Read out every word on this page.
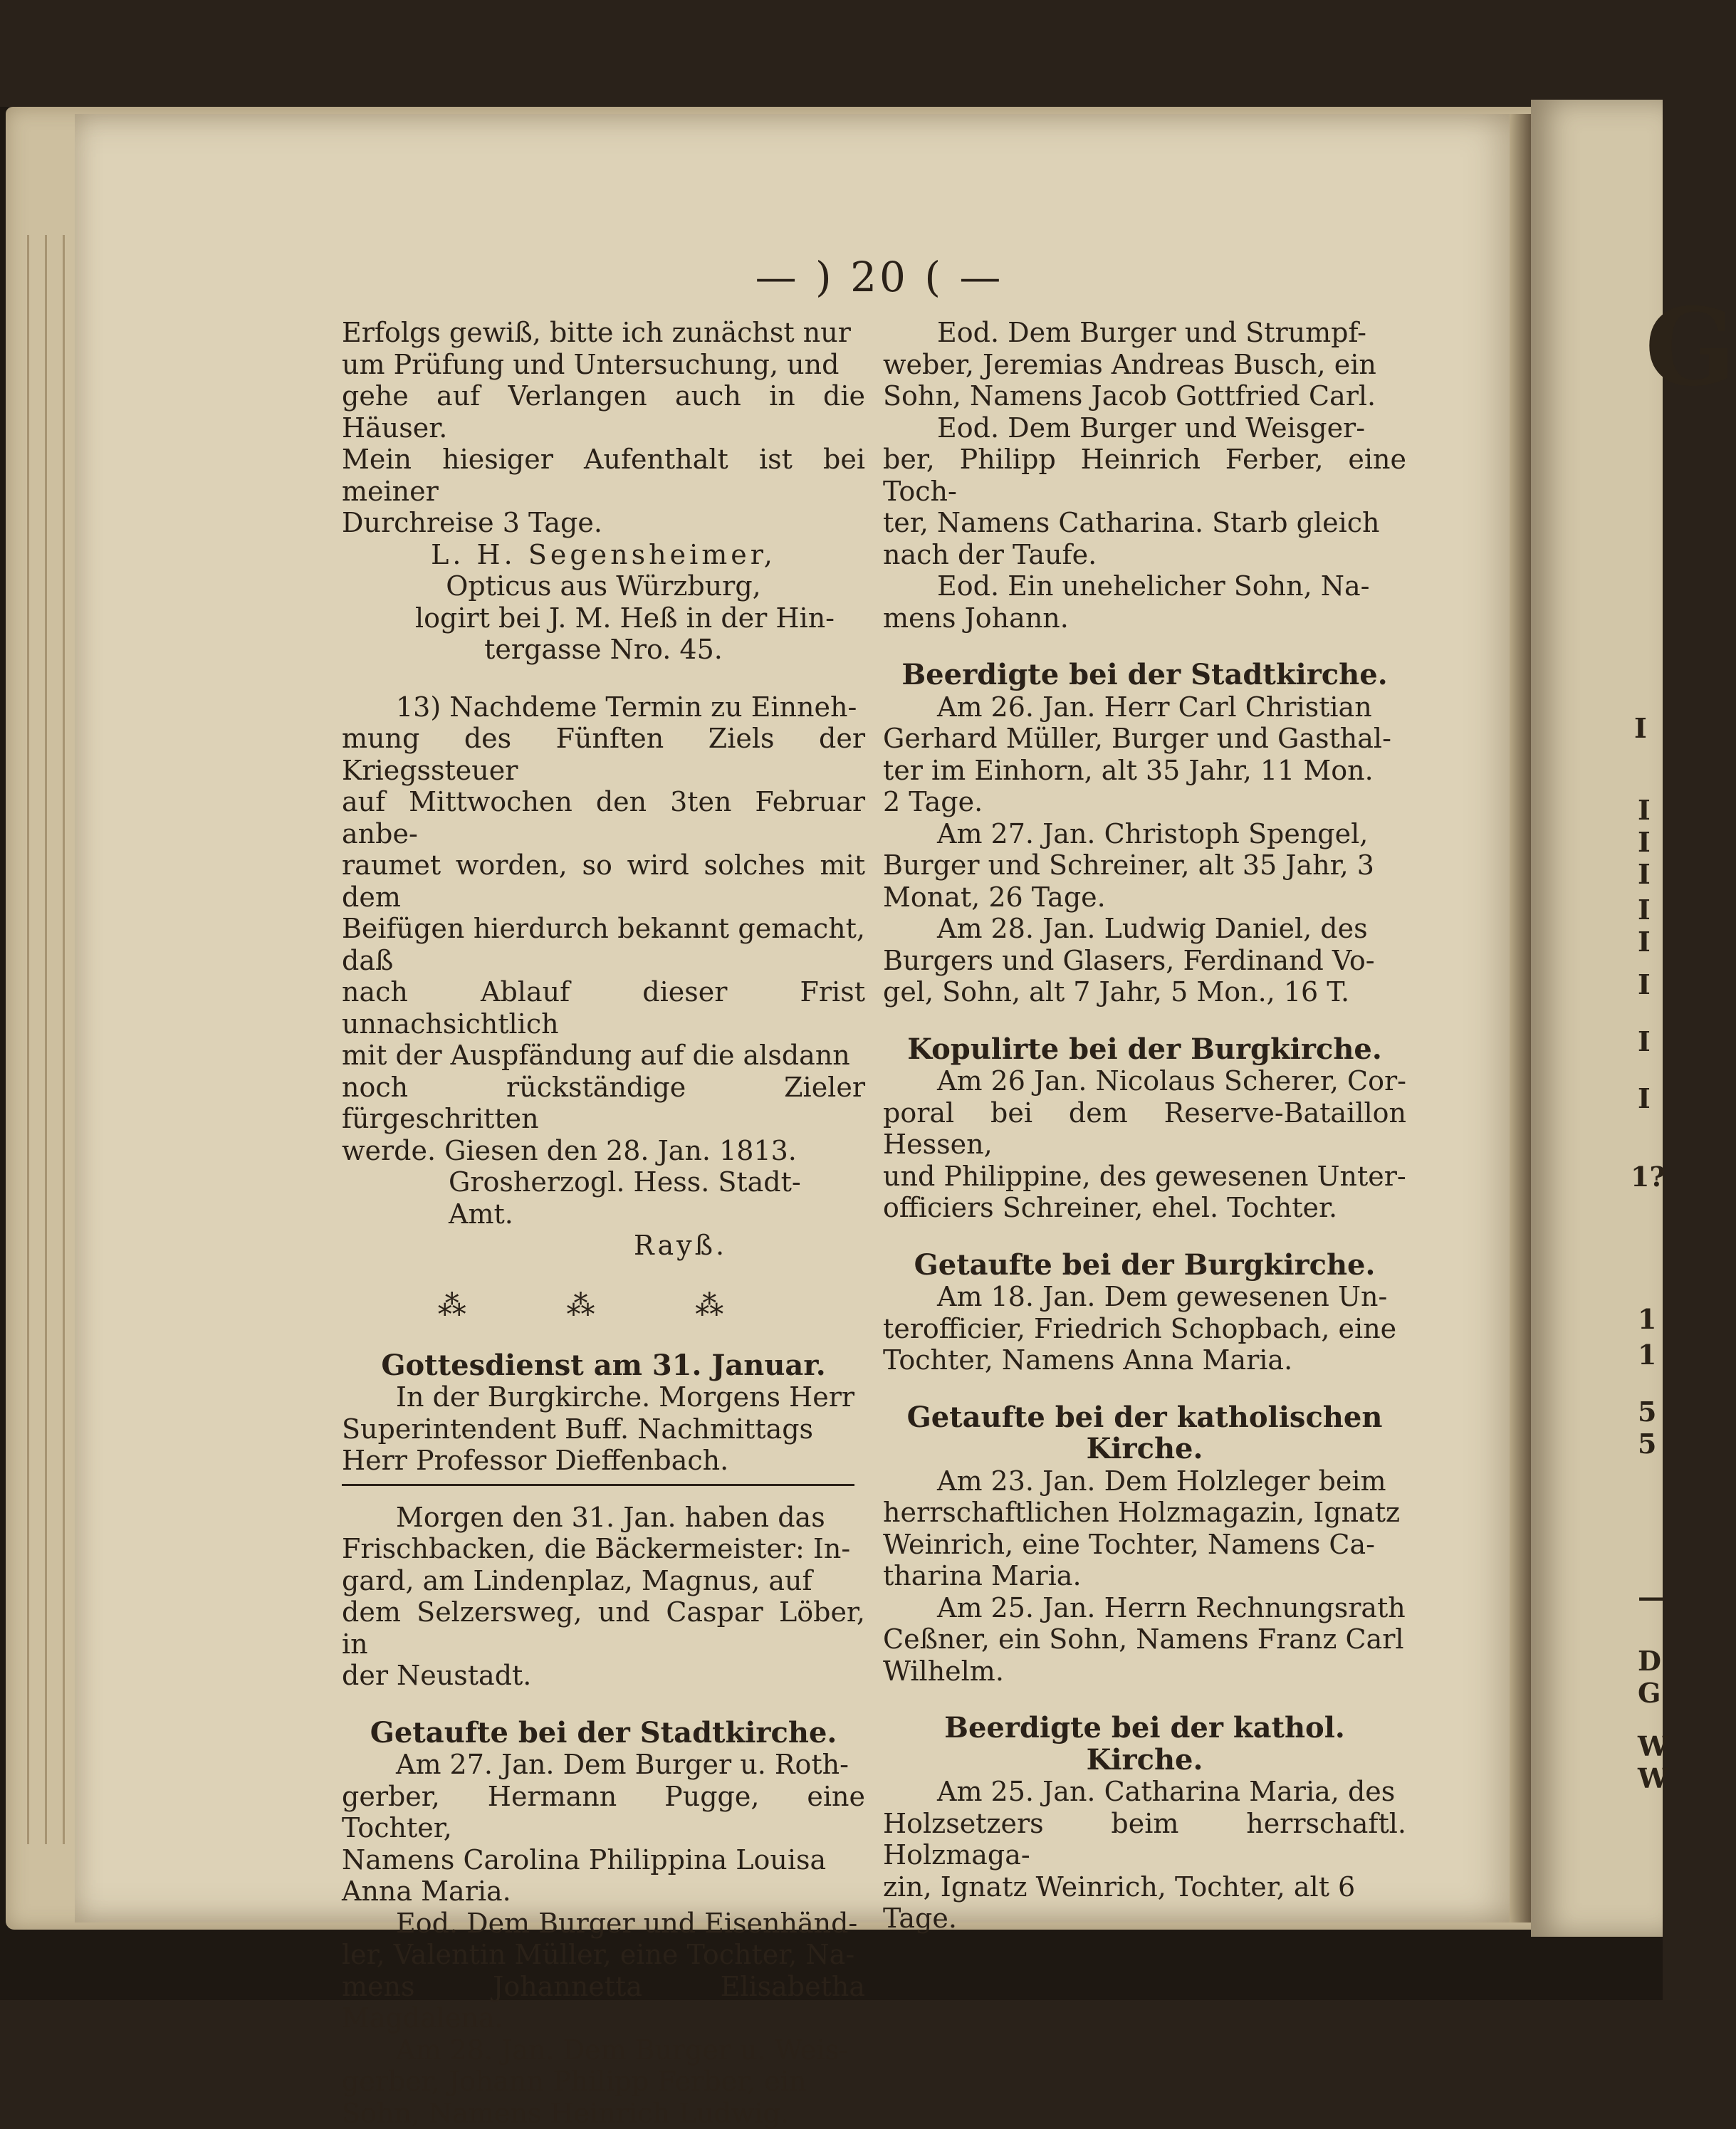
G
I
I
I
I
I
I
I
I
I
1?
1
1
5
5
—
D
G
W
W
— ) 20 ( —

Erfolgs gewiß, bitte ich zunächst nur

um Prüfung und Untersuchung, und

gehe auf Verlangen auch in die Häuser.

Mein hiesiger Aufenthalt ist bei meiner

Durchreise 3 Tage.

L. H. Segensheimer,

Opticus aus Würzburg,

logirt bei J. M. Heß in der Hin-

tergasse Nro. 45.

13) Nachdeme Termin zu Einneh-

mung des Fünften Ziels der Kriegssteuer

auf Mittwochen den 3ten Februar anbe-

raumet worden, so wird solches mit dem

Beifügen hierdurch bekannt gemacht, daß

nach Ablauf dieser Frist unnachsichtlich

mit der Auspfändung auf die alsdann

noch rückständige Zieler fürgeschritten

werde. Giesen den 28. Jan. 1813.

Grosherzogl. Hess. Stadt-Amt.

Rayß.

⁂ ⁂ ⁂

Gottesdienst am 31. Januar.

In der Burgkirche. Morgens Herr

Superintendent Buff. Nachmittags

Herr Professor Dieffenbach.

Morgen den 31. Jan. haben das

Frischbacken, die Bäckermeister: In-

gard, am Lindenplaz, Magnus, auf

dem Selzersweg, und Caspar Löber, in

der Neustadt.

Getaufte bei der Stadtkirche.

Am 27. Jan. Dem Burger u. Roth-

gerber, Hermann Pugge, eine Tochter,

Namens Carolina Philippina Louisa

Anna Maria.

Eod. Dem Burger und Eisenhänd-

ler, Valentin Müller, eine Tochter, Na-

mens Johannetta Elisabetha Magdalena.

Am 28. Jan. Dem Burger u. Weis-

gerber, Johann Philipp Ferber, ein

Sohn, Namens Heinrich Ludwig.

Eod. Dem Burger und Strumpf-

weber, Jeremias Andreas Busch, ein

Sohn, Namens Jacob Gottfried Carl.

Eod. Dem Burger und Weisger-

ber, Philipp Heinrich Ferber, eine Toch-

ter, Namens Catharina. Starb gleich

nach der Taufe.

Eod. Ein unehelicher Sohn, Na-

mens Johann.

Beerdigte bei der Stadtkirche.

Am 26. Jan. Herr Carl Christian

Gerhard Müller, Burger und Gasthal-

ter im Einhorn, alt 35 Jahr, 11 Mon.

2 Tage.

Am 27. Jan. Christoph Spengel,

Burger und Schreiner, alt 35 Jahr, 3

Monat, 26 Tage.

Am 28. Jan. Ludwig Daniel, des

Burgers und Glasers, Ferdinand Vo-

gel, Sohn, alt 7 Jahr, 5 Mon., 16 T.

Kopulirte bei der Burgkirche.

Am 26 Jan. Nicolaus Scherer, Cor-

poral bei dem Reserve-Bataillon Hessen,

und Philippine, des gewesenen Unter-

officiers Schreiner, ehel. Tochter.

Getaufte bei der Burgkirche.

Am 18. Jan. Dem gewesenen Un-

terofficier, Friedrich Schopbach, eine

Tochter, Namens Anna Maria.

Getaufte bei der katholischen Kirche.

Am 23. Jan. Dem Holzleger beim

herrschaftlichen Holzmagazin, Ignatz

Weinrich, eine Tochter, Namens Ca-

tharina Maria.

Am 25. Jan. Herrn Rechnungsrath

Ceßner, ein Sohn, Namens Franz Carl

Wilhelm.

Beerdigte bei der kathol. Kirche.

Am 25. Jan. Catharina Maria, des

Holzsetzers beim herrschaftl. Holzmaga-

zin, Ignatz Weinrich, Tochter, alt 6

Tage.
